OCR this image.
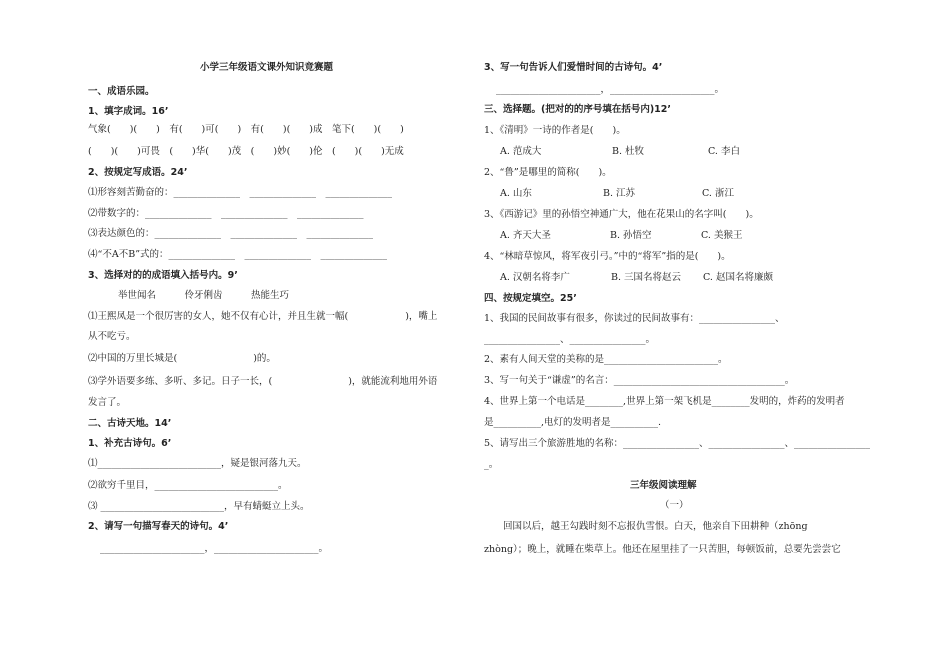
小学三年级语文课外知识竞赛题
一、成语乐园。
1、填字成词。16’
气象(　　)(　　)　有(　　)可(　　)　有(　　)(　　)成　笔下(　　)(　　)
(　　)(　　)可畏　(　　)华(　　)茂　(　　)妙(　　)伦　(　　)(　　)无成
2、按规定写成语。24’
⑴形容刻苦勤奋的：______________　______________　______________
⑵带数字的：______________　______________　______________
⑶表达颜色的：______________　______________　______________
⑷“不A不B”式的：______________　______________　______________
3、选择对的的成语填入括号内。9’
举世闻名　　　伶牙俐齿　　　热能生巧
⑴王熙凤是一个很厉害的女人，她不仅有心计，并且生就一幅(　　　　　　)，嘴上
从不吃亏。
⑵中国的万里长城是(　　　　　　　　)的。
⑶学外语要多练、多听、多记。日子一长，(　　　　　　　　)，就能流利地用外语
发言了。
二、古诗天地。14’
1、补充古诗句。6’
⑴__________________________，疑是银河落九天。
⑵欲穷千里目，__________________________。
⑶ __________________________，早有蜻蜓立上头。
2、请写一句描写春天的诗句。4’
______________________，______________________。
3、写一句告诉人们爱惜时间的古诗句。4’
______________________，______________________。
三、选择题。(把对的的序号填在括号内)12’
1、《清明》一诗的作者是(　　)。
A. 范成大	B. 杜牧	C. 李白
2、“鲁”是哪里的简称(　　)。
A. 山东	B. 江苏	C. 浙江
3、《西游记》里的孙悟空神通广大，他在花果山的名字叫(　　)。
A. 齐天大圣	B. 孙悟空	C. 美猴王
4、“林暗草惊风，将军夜引弓。”中的“将军”指的是(　　)。
A. 汉朝名将李广	B. 三国名将赵云 C. 赵国名将廉颇
四、按规定填空。25’
1、我国的民间故事有很多，你读过的民间故事有：________________、
________________、________________。
2、素有人间天堂的美称的是________________________。
3、写一句关于“谦虚”的名言：____________________________________。
4、世界上第一个电话是________,世界上第一架飞机是________发明的，炸药的发明者
是__________,电灯的发明者是__________.
5、请写出三个旅游胜地的名称：________________、________________、________________
_。
三年级阅读理解
（一）
　　回国以后，越王勾践时刻不忘报仇雪恨。白天，他亲自下田耕种（zhōng
zhòng）；晚上，就睡在柴草上。他还在屋里挂了一只苦胆，每顿饭前，总要先尝尝它
